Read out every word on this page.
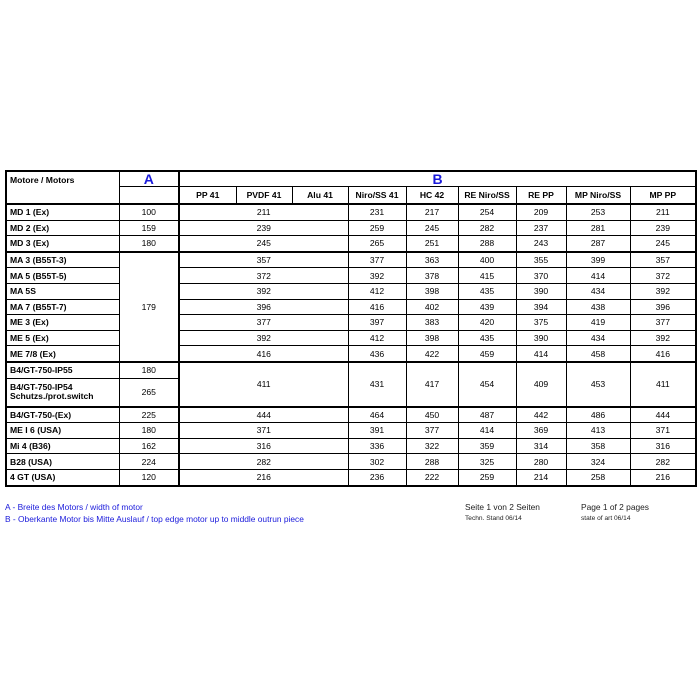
Motore / Motors	A	B								
		PP 41	PVDF 41	Alu 41	Niro/SS 41	HC 42	RE Niro/SS	RE PP	MP Niro/SS	MP PP
MD 1 (Ex)	100	211			231	217	254	209	253	211
MD 2 (Ex)	159	239			259	245	282	237	281	239
MD 3 (Ex)	180	245			265	251	288	243	287	245
MA 3 (B55T-3)	179	357			377	363	400	355	399	357
MA 5 (B55T-5)		372			392	378	415	370	414	372
MA 5S		392			412	398	435	390	434	392
MA 7 (B55T-7)		396			416	402	439	394	438	396
ME 3 (Ex)		377			397	383	420	375	419	377
ME 5 (Ex)		392			412	398	435	390	434	392
ME 7/8 (Ex)		416			436	422	459	414	458	416
B4/GT-750-IP55	180	411			431	417	454	409	453	411
B4/GT-750-IP54 Schutzs./prot.switch	265									
B4/GT-750-(Ex)	225	444			464	450	487	442	486	444
ME I 6 (USA)	180	371			391	377	414	369	413	371
Mi 4 (B36)	162	316			336	322	359	314	358	316
B28 (USA)	224	282			302	288	325	280	324	282
4 GT (USA)	120	216			236	222	259	214	258	216
A - Breite des Motors / width of motor
B - Oberkante Motor bis Mitte Auslauf / top edge motor up to middle outrun piece
Seite 1 von 2 Seiten	Page 1 of 2 pages
Techn. Stand 06/14	state of art 06/14
